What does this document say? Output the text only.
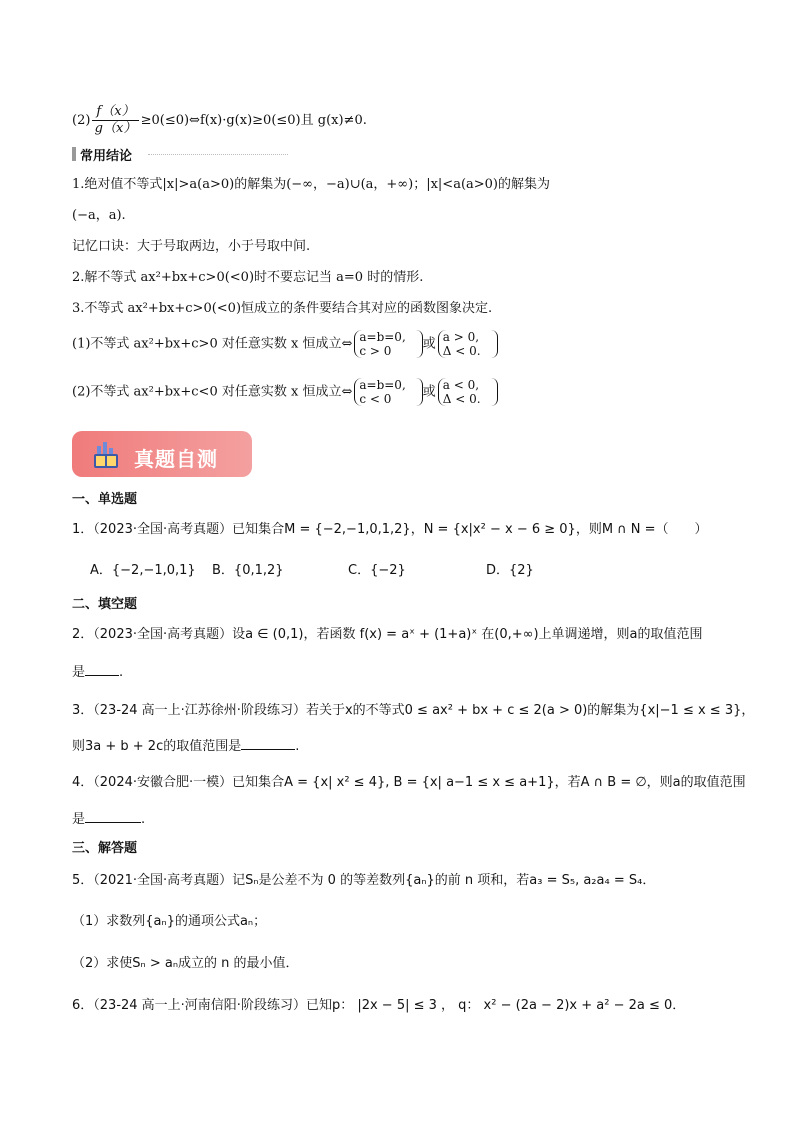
$(2) \frac{f(x)}{g(x)}$ ≥0(≤0)⇔f(x)·g(x)≥0(≤0)且 g(x)≠0.
常用结论
1.绝对值不等式|x|>a(a>0)的解集为(−∞，−a)∪(a，+∞)；|x|<a(a>0)的解集为
(−a，a).
记忆口诀：大于号取两边，小于号取中间.
2.解不等式 ax²+bx+c>0(<0)时不要忘记当 a=0 时的情形.
3.不等式 ax²+bx+c>0(<0)恒成立的条件要结合其对应的函数图象决定.
(1)不等式 ax²+bx+c>0 对任意实数 x 恒成立⇔ a=b=0,
c > 0	或 a > 0,
Δ < 0.
(2)不等式 ax²+bx+c<0 对任意实数 x 恒成立⇔ a=b=0,
c < 0	或 a < 0,
Δ < 0.
真题自测
一、单选题
1．（2023·全国·高考真题）已知集合M = {−2,−1,0,1,2}，N = {x|x² − x − 6 ≥ 0}，则M ∩ N =（　　）
A．{−2,−1,0,1} B．{0,1,2}	C．{−2}	D．{2}
二、填空题
2．（2023·全国·高考真题）设a ∈ (0,1)，若函数 f(x) = aˣ + (1+a)ˣ 在(0,+∞)上单调递增，则a的取值范围
是	.
3．（23-24 高一上·江苏徐州·阶段练习）若关于x的不等式0 ≤ ax² + bx + c ≤ 2(a > 0)的解集为{x|−1 ≤ x ≤ 3}，
则3a + b + 2c的取值范围是	.
4．（2024·安徽合肥·一模）已知集合A = {x| x² ≤ 4}, B = {x| a−1 ≤ x ≤ a+1}，若A ∩ B = ∅，则a的取值范围
是	.
三、解答题
5．（2021·全国·高考真题）记Sₙ是公差不为 0 的等差数列{aₙ}的前 n 项和，若a₃ = S₅, a₂a₄ = S₄．
（1）求数列{aₙ}的通项公式aₙ；
（2）求使Sₙ > aₙ成立的 n 的最小值．
6．（23-24 高一上·河南信阳·阶段练习）已知p： |2x − 5| ≤ 3 ， q： x² − (2a − 2)x + a² − 2a ≤ 0．
